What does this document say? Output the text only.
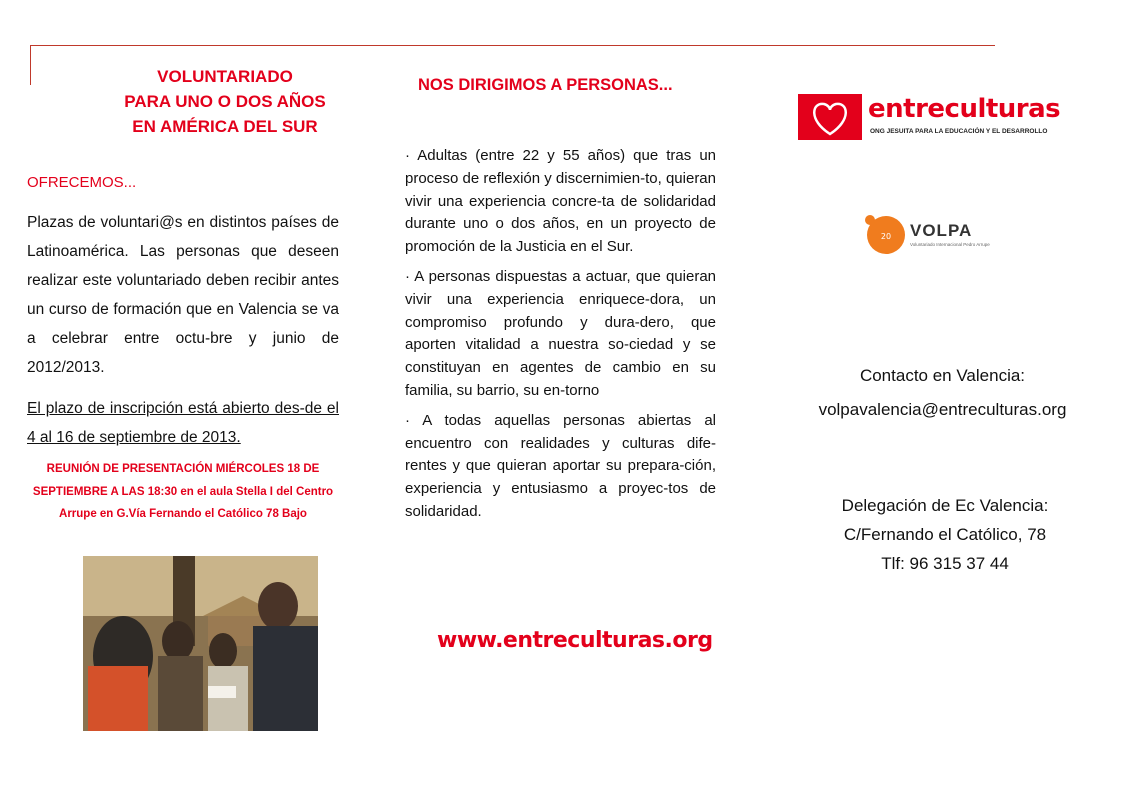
VOLUNTARIADO
PARA UNO O DOS AÑOS
EN AMÉRICA DEL SUR
OFRECEMOS...
Plazas de voluntari@s en distintos países de Latinoamérica. Las personas que deseen realizar este voluntariado deben recibir antes un curso de formación que en Valencia se va a celebrar entre octu-bre y junio de 2012/2013.
El plazo de inscripción está abierto des-de el 4 al 16 de septiembre de 2013.
REUNIÓN DE PRESENTACIÓN MIÉRCOLES 18 DE SEPTIEMBRE A LAS 18:30 en el aula Stella I del Centro Arrupe en G.Vía Fernando el Católico 78 Bajo
NOS DIRIGIMOS A PERSONAS...

· Adultas (entre 22 y 55 años) que tras un proceso de reflexión y discernimien-to, quieran vivir una experiencia concre-ta de solidaridad durante uno o dos años, en un proyecto de promoción de la Justicia en el Sur.

· A personas dispuestas a actuar, que quieran vivir una experiencia enriquece-dora, un compromiso profundo y dura-dero, que aporten vitalidad a nuestra so-ciedad y se constituyan en agentes de cambio en su familia, su barrio, su en-torno

· A todas aquellas personas abiertas al encuentro con realidades y culturas dife-rentes y que quieran aportar su prepara-ción, experiencia y entusiasmo a proyec-tos de solidaridad.

www.entreculturas.org
entreculturas
ONG JESUITA PARA LA EDUCACIÓN Y EL DESARROLLO
20 VOLPA
Voluntariado Internacional Pedro Arrupe
Contacto en Valencia:
volpavalencia@entreculturas.org
Delegación de Ec Valencia:
C/Fernando el Católico, 78
Tlf: 96 315 37 44
